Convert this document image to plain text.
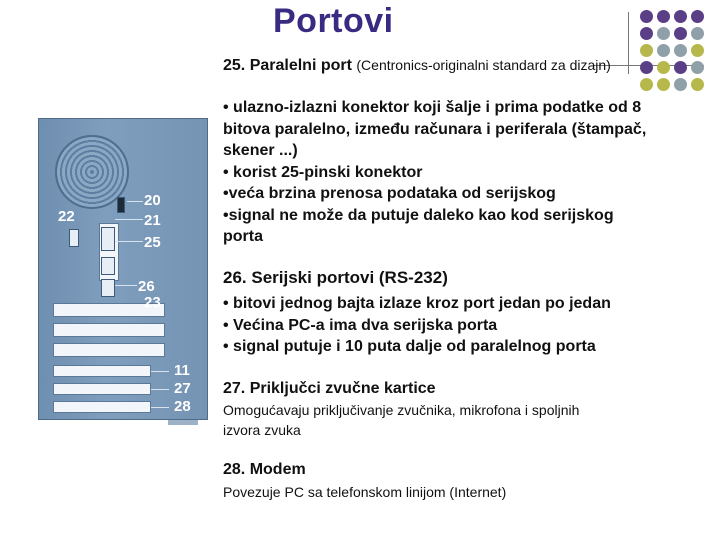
Portovi
20
21
25
22
26
23
11
27
28
25. Paralelni port (Centronics-originalni standard za dizajn)
• ulazno-izlazni konektor koji šalje i prima podatke od 8
bitova paralelno, između računara i periferala (štampač,
skener ...)
• korist 25-pinski konektor
•veća brzina prenosa podataka od serijskog
•signal ne može da putuje daleko kao kod serijskog
porta
26. Serijski portovi (RS-232)
• bitovi jednog bajta izlaze kroz port jedan po jedan
• Većina PC-a ima dva serijska porta
• signal putuje i 10 puta dalje od paralelnog porta
27. Priključci zvučne kartice
Omogućavaju priključivanje zvučnika, mikrofona i spoljnih
izvora zvuka
28. Modem
Povezuje PC sa telefonskom linijom (Internet)
